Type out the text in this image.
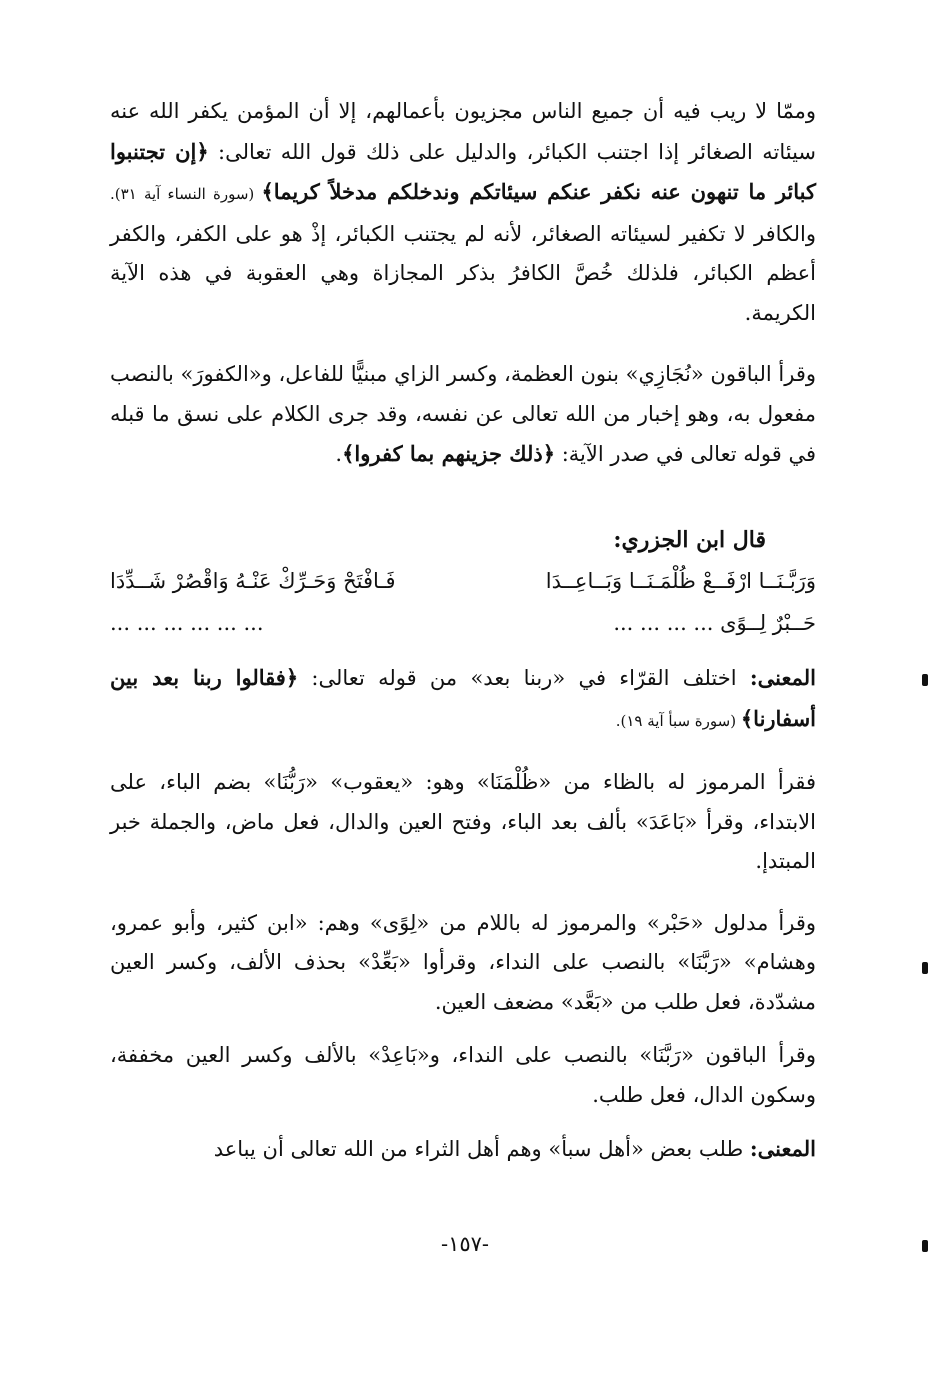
وممّا لا ريب فيه أن جميع الناس مجزيون بأعمالهم، إلا أن المؤمن يكفر الله عنه سيئاته الصغائر إذا اجتنب الكبائر، والدليل على ذلك قول الله تعالى: ﴿إن تجتنبوا كبائر ما تنهون عنه نكفر عنكم سيئاتكم وندخلكم مدخلاً كريما﴾ (سورة النساء آية ٣١). والكافر لا تكفير لسيئاته الصغائر، لأنه لم يجتنب الكبائر، إذْ هو على الكفر، والكفر أعظم الكبائر، فلذلك خُصَّ الكافرُ بذكر المجازاة وهي العقوبة في هذه الآية الكريمة.

وقرأ الباقون «نُجَازِي» بنون العظمة، وكسر الزاي مبنيًّا للفاعل، و«الكفورَ» بالنصب مفعول به، وهو إخبار من الله تعالى عن نفسه، وقد جرى الكلام على نسق ما قبله في قوله تعالى في صدر الآية: ﴿ذلك جزينهم بما كفروا﴾.

قال ابن الجزري:

وَرَبَّـنَــا ارْفَــعْ ظُلْمَـنَــا وَبَــاعِــدَا
فَـافْتَحْ وَحَـرِّكْ عَنْـهُ وَاقْصُرْ شَــدِّدَا
حَــبْرٌ لِــوًى ... ... ... ...
... ... ... ... ... ...

المعنى: اختلف القرّاء في «ربنا بعد» من قوله تعالى: ﴿فقالوا ربنا بعد بين أسفارنا﴾ (سورة سبأ آية ١٩).

فقرأ المرموز له بالظاء من «ظُلْمَنَا» وهو: «يعقوب» «رَبُّنَا» بضم الباء، على الابتداء، وقرأ «بَاعَدَ» بألف بعد الباء، وفتح العين والدال، فعل ماض، والجملة خبر المبتدإ.

وقرأ مدلول «حَبْر» والمرموز له باللام من «لِوًى» وهم: «ابن كثير، وأبو عمرو، وهشام» «رَبَّنَا» بالنصب على النداء، وقرأوا «بَعِّدْ» بحذف الألف، وكسر العين مشدّدة، فعل طلب من «بَعَّد» مضعف العين.

وقرأ الباقون «رَبَّنَا» بالنصب على النداء، و«بَاعِدْ» بالألف وكسر العين مخففة، وسكون الدال، فعل طلب.

المعنى: طلب بعض «أهل سبأ» وهم أهل الثراء من الله تعالى أن يباعد

-١٥٧-
